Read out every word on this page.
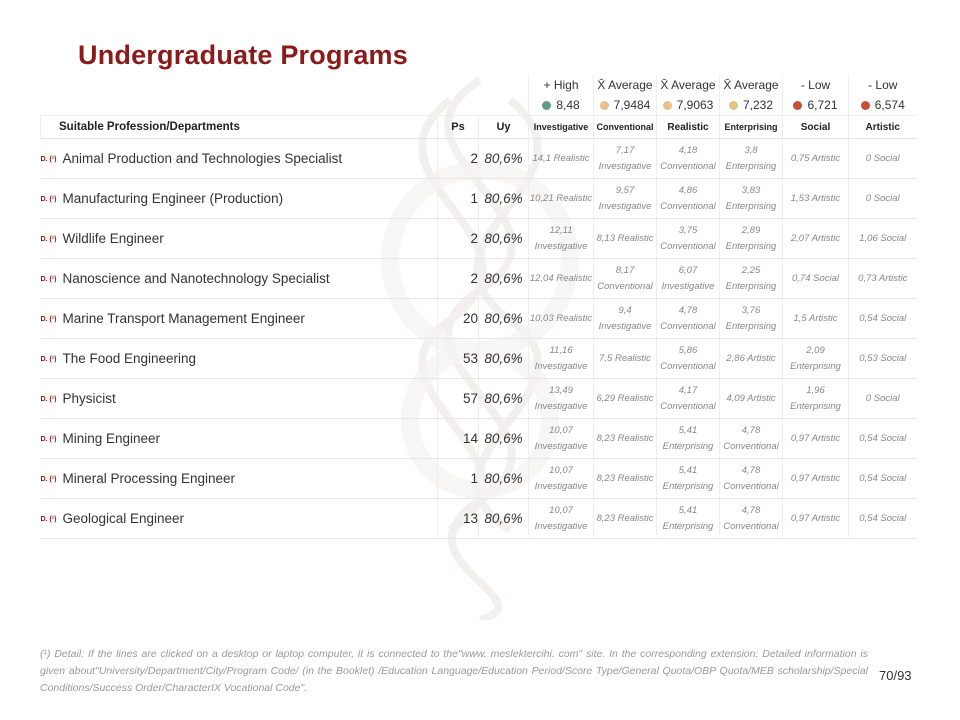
Undergraduate Programs
			+ High	X̄ Average	X̄ Average	X̄ Average	- Low	- Low
			8,48	7,9484	7,9063	7,232	6,721	6,574
Suitable Profession/Departments	Ps	Uy	Investigative	Conventional	Realistic	Enterprising	Social	Artistic
D. (¹) Animal Production and Technologies Specialist	2	80,6%	14,1 Realistic	7,17 Investigative	4,18 Conventional	3,8 Enterprising	0,75 Artistic	0 Social
D. (¹) Manufacturing Engineer (Production)	1	80,6%	10,21 Realistic	9,57 Investigative	4,86 Conventional	3,83 Enterprising	1,53 Artistic	0 Social
D. (¹) Wildlife Engineer	2	80,6%	12,11 Investigative	8,13 Realistic	3,75 Conventional	2,89 Enterprising	2,07 Artistic	1,06 Social
D. (¹) Nanoscience and Nanotechnology Specialist	2	80,6%	12,04 Realistic	8,17 Conventional	6,07 Investigative	2,25 Enterprising	0,74 Social	0,73 Artistic
D. (¹) Marine Transport Management Engineer	20	80,6%	10,03 Realistic	9,4 Investigative	4,78 Conventional	3,76 Enterprising	1,5 Artistic	0,54 Social
D. (¹) The Food Engineering	53	80,6%	11,16 Investigative	7,5 Realistic	5,86 Conventional	2,86 Artistic	2,09 Enterprising	0,53 Social
D. (¹) Physicist	57	80,6%	13,49 Investigative	6,29 Realistic	4,17 Conventional	4,09 Artistic	1,96 Enterprising	0 Social
D. (¹) Mining Engineer	14	80,6%	10,07 Investigative	8,23 Realistic	5,41 Enterprising	4,78 Conventional	0,97 Artistic	0,54 Social
D. (¹) Mineral Processing Engineer	1	80,6%	10,07 Investigative	8,23 Realistic	5,41 Enterprising	4,78 Conventional	0,97 Artistic	0,54 Social
D. (¹) Geological Engineer	13	80,6%	10,07 Investigative	8,23 Realistic	5,41 Enterprising	4,78 Conventional	0,97 Artistic	0,54 Social
(¹) Detail: If the lines are clicked on a desktop or laptop computer, it is connected to the"www. meslektercihi. com" site. In the corresponding extension: Detailed information is given about"University/Department/City/Program Code/ (in the Booklet) /Education Language/Education Period/Score Type/General Quota/OBP Quota/MEB scholarship/Special Conditions/Success Order/CharacterIX Vocational Code".
70/93
